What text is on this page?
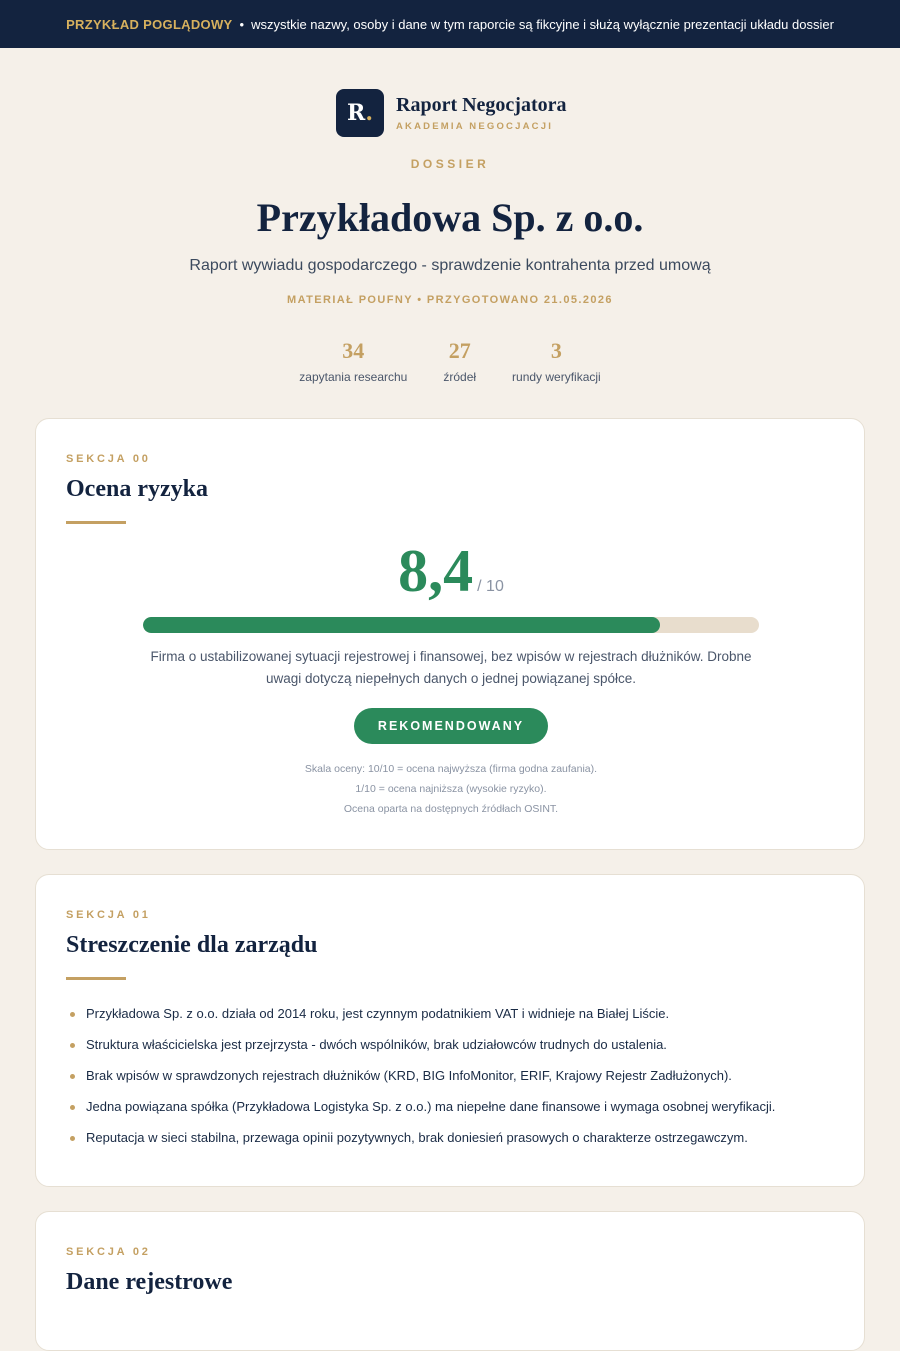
PRZYKŁAD POGLĄDOWY • wszystkie nazwy, osoby i dane w tym raporcie są fikcyjne i służą wyłącznie prezentacji układu dossier
R . Raport Negocjatora
AKADEMIA NEGOCJACJI
DOSSIER
Przykładowa Sp. z o.o.
Raport wywiadu gospodarczego - sprawdzenie kontrahenta przed umową
MATERIAŁ POUFNY • PRZYGOTOWANO 21.05.2026
34
zapytania researchu
27
źródeł
3
rundy weryfikacji
SEKCJA 00
Ocena ryzyka
8,4 / 10

Firma o ustabilizowanej sytuacji rejestrowej i finansowej, bez wpisów w rejestrach dłużników. Drobne uwagi dotyczą niepełnych danych o jednej powiązanej spółce.

REKOMENDOWANY
Skala oceny: 10/10 = ocena najwyższa (firma godna zaufania).
1/10 = ocena najniższa (wysokie ryzyko).
Ocena oparta na dostępnych źródłach OSINT.
SEKCJA 01
Streszczenie dla zarządu
Przykładowa Sp. z o.o. działa od 2014 roku, jest czynnym podatnikiem VAT i widnieje na Białej Liście.
Struktura właścicielska jest przejrzysta - dwóch wspólników, brak udziałowców trudnych do ustalenia.
Brak wpisów w sprawdzonych rejestrach dłużników (KRD, BIG InfoMonitor, ERIF, Krajowy Rejestr Zadłużonych).
Jedna powiązana spółka (Przykładowa Logistyka Sp. z o.o.) ma niepełne dane finansowe i wymaga osobnej weryfikacji.
Reputacja w sieci stabilna, przewaga opinii pozytywnych, brak doniesień prasowych o charakterze ostrzegawczym.
SEKCJA 02
Dane rejestrowe
